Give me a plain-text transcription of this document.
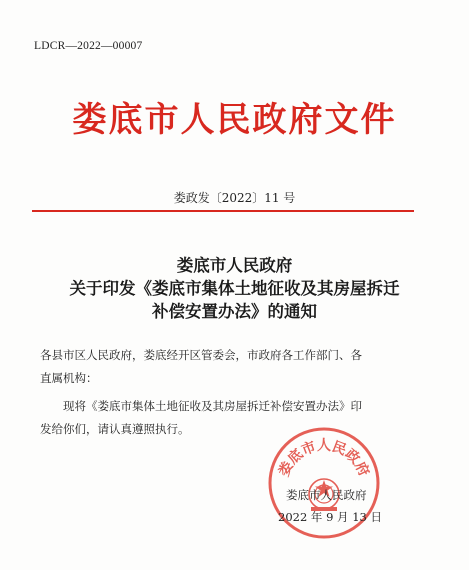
LDCR—2022—00007
娄底市人民政府文件
娄政发〔2022〕11 号
娄底市人民政府
关于印发《娄底市集体土地征收及其房屋拆迁
补偿安置办法》的通知
各县市区人民政府，娄底经开区管委会，市政府各工作部门、各
直属机构：
现将《娄底市集体土地征收及其房屋拆迁补偿安置办法》印
发给你们，请认真遵照执行。
娄底市人民政府
娄底市人民政府
2022 年 9 月 13 日
